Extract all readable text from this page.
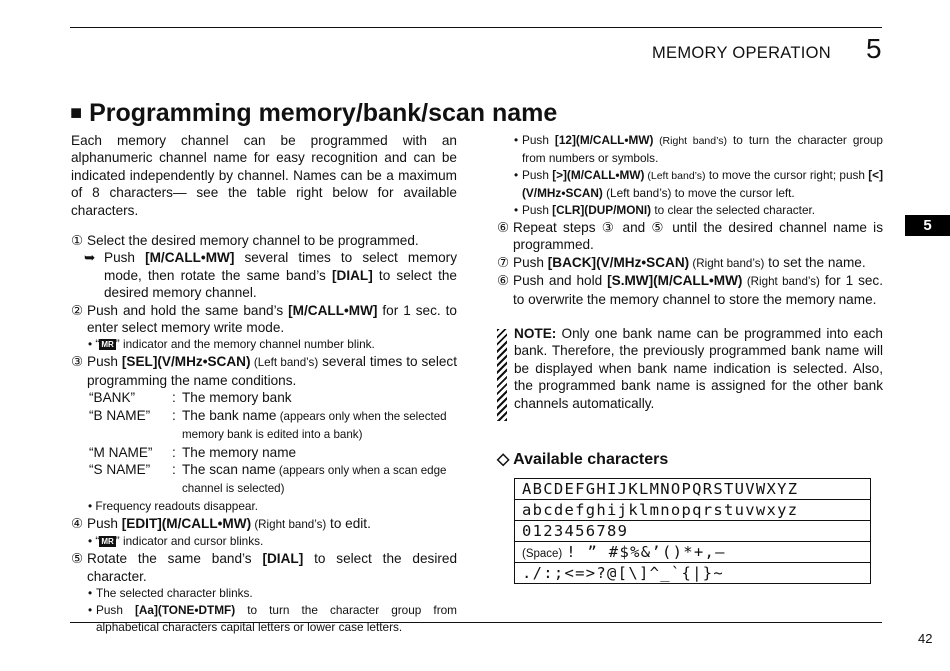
MEMORY OPERATION 5
5
■ Programming memory/bank/scan name
Each memory channel can be programmed with an alphanumeric channel name for easy recognition and can be indicated independently by channel. Names can be a maximum of 8 characters— see the table right below for available characters.
① Select the desired memory channel to be programmed.
➥ Push [M/CALL•MW] several times to select memory mode, then rotate the same band’s [DIAL] to select the desired memory channel.
② Push and hold the same band’s [M/CALL•MW] for 1 sec. to enter select memory write mode.
• “ MR ” indicator and the memory channel number blink.
③ Push [SEL](V/MHz•SCAN) (Left band’s) several times to select programming the name conditions.
“BANK”	: The memory bank
“B NAME”	: The bank name (appears only when the selected memory bank is edited into a bank)
“M NAME”	: The memory name
“S NAME”	: The scan name (appears only when a scan edge channel is selected)
• Frequency readouts disappear.
④ Push [EDIT](M/CALL•MW) (Right band’s) to edit.
• “ MR ” indicator and cursor blinks.
⑤ Rotate the same band’s [DIAL] to select the desired character.
• The selected character blinks.
• Push [Aa](TONE•DTMF) to turn the character group from alphabetical characters capital letters or lower case letters.
• Push [12](M/CALL•MW) (Right band’s) to turn the character group from numbers or symbols.
• Push [>](M/CALL•MW) (Left band’s) to move the cursor right; push [<](V/MHz•SCAN) (Left band’s) to move the cursor left.
• Push [CLR](DUP/MONI) to clear the selected character.
⑥ Repeat steps ③ and ⑤ until the desired channel name is programmed.
⑦ Push [BACK](V/MHz•SCAN) (Right band’s) to set the name.
⑥ Push and hold [S.MW](M/CALL•MW) (Right band’s) for 1 sec. to overwrite the memory channel to store the memory name.
NOTE: Only one bank name can be programmed into each bank. Therefore, the previously programmed bank name will be displayed when bank name indication is selected. Also, the programmed bank name is assigned for the other bank channels automatically.
◇ Available characters
ABCDEFGHIJKLMNOPQRSTUVWXYZ
abcdefghijklmnopqrstuvwxyz
0123456789
(Space) ! ” #$%&’()*+,–
./:;<=>?@[\]^_`{|}~
42
